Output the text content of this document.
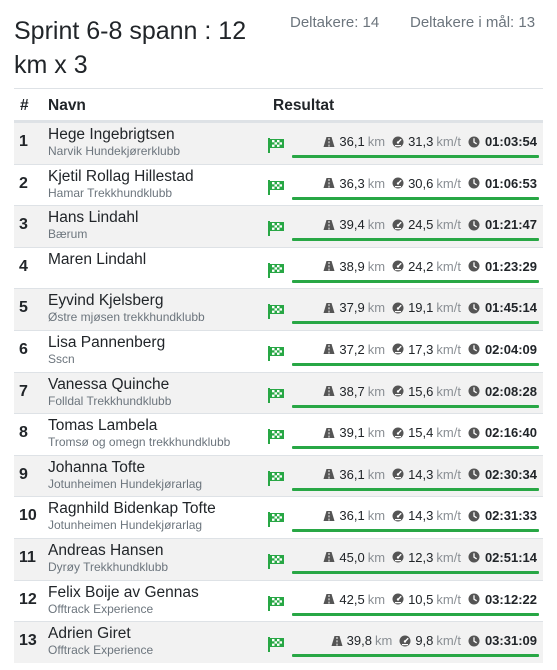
Sprint 6-8 spann : 12 km x 3
Deltakere: 14 Deltakere i mål: 13
# Navn	Resultat
1 Hege Ingebrigtsen
Narvik Hundekjørerklubb
36,1 km 31,3 km/t 01:03:54
2 Kjetil Rollag Hillestad
Hamar Trekkhundklubb
36,3 km 30,6 km/t 01:06:53
3 Hans Lindahl
Bærum
39,4 km 24,5 km/t 01:21:47
4 Maren Lindahl	38,9 km 24,2 km/t 01:23:29
5 Eyvind Kjelsberg
Østre mjøsen trekkhundklubb
37,9 km 19,1 km/t 01:45:14
6 Lisa Pannenberg
Sscn
37,2 km 17,3 km/t 02:04:09
7 Vanessa Quinche
Folldal Trekkhundklubb
38,7 km 15,6 km/t 02:08:28
8 Tomas Lambela
Tromsø og omegn trekkhundklubb
39,1 km 15,4 km/t 02:16:40
9 Johanna Tofte
Jotunheimen Hundekjørarlag
36,1 km 14,3 km/t 02:30:34
10 Ragnhild Bidenkap Tofte
Jotunheimen Hundekjørarlag
36,1 km 14,3 km/t 02:31:33
11 Andreas Hansen
Dyrøy Trekkhundklubb
45,0 km 12,3 km/t 02:51:14
12 Felix Boije av Gennas
Offtrack Experience
42,5 km 10,5 km/t 03:12:22
13 Adrien Giret
Offtrack Experience
39,8 km 9,8 km/t 03:31:09
